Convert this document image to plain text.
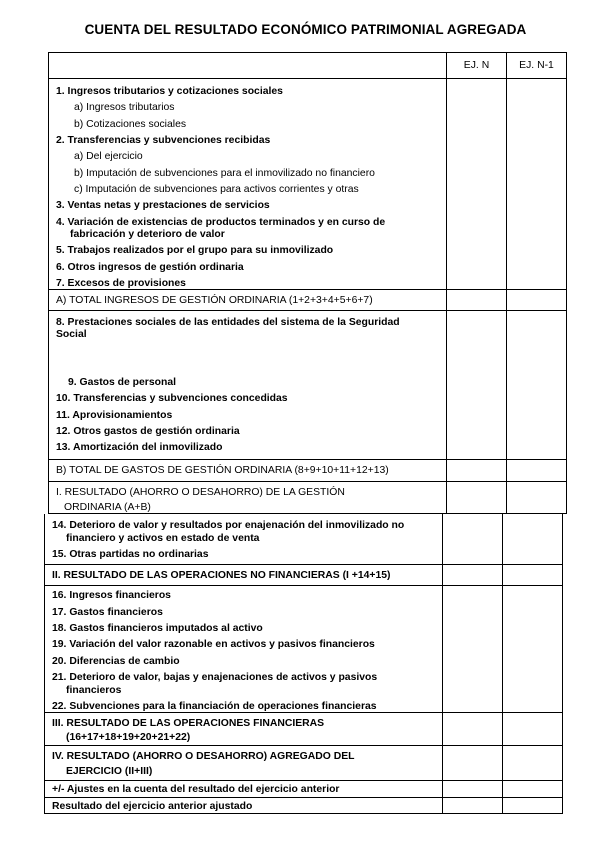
CUENTA DEL RESULTADO ECONÓMICO PATRIMONIAL AGREGADA
EJ. N	EJ. N-1
1. Ingresos tributarios y cotizaciones sociales
a) Ingresos tributarios
b) Cotizaciones sociales
2. Transferencias y subvenciones recibidas
a) Del ejercicio
b) Imputación de subvenciones para el inmovilizado no financiero
c) Imputación de subvenciones para activos corrientes y otras
3. Ventas netas y prestaciones de servicios
4. Variación de existencias de productos terminados y en curso de
fabricación y deterioro de valor
5. Trabajos realizados por el grupo para su inmovilizado
6. Otros ingresos de gestión ordinaria
7. Excesos de provisiones
A) TOTAL INGRESOS DE GESTIÓN ORDINARIA (1+2+3+4+5+6+7)
8. Prestaciones sociales de las entidades del sistema de la Seguridad
Social
9. Gastos de personal
10. Transferencias y subvenciones concedidas
11. Aprovisionamientos
12. Otros gastos de gestión ordinaria
13. Amortización del inmovilizado
B) TOTAL DE GASTOS DE GESTIÓN ORDINARIA (8+9+10+11+12+13)
I. RESULTADO (AHORRO O DESAHORRO) DE LA GESTIÓN
ORDINARIA (A+B)
14. Deterioro de valor y resultados por enajenación del inmovilizado no
financiero y activos en estado de venta
15. Otras partidas no ordinarias
II. RESULTADO DE LAS OPERACIONES NO FINANCIERAS (I +14+15)
16. Ingresos financieros
17. Gastos financieros
18. Gastos financieros imputados al activo
19. Variación del valor razonable en activos y pasivos financieros
20. Diferencias de cambio
21. Deterioro de valor, bajas y enajenaciones de activos y pasivos
financieros
22. Subvenciones para la financiación de operaciones financieras
III. RESULTADO DE LAS OPERACIONES FINANCIERAS
(16+17+18+19+20+21+22)
IV. RESULTADO (AHORRO O DESAHORRO) AGREGADO DEL
EJERCICIO (II+III)
+/- Ajustes en la cuenta del resultado del ejercicio anterior
Resultado del ejercicio anterior ajustado
